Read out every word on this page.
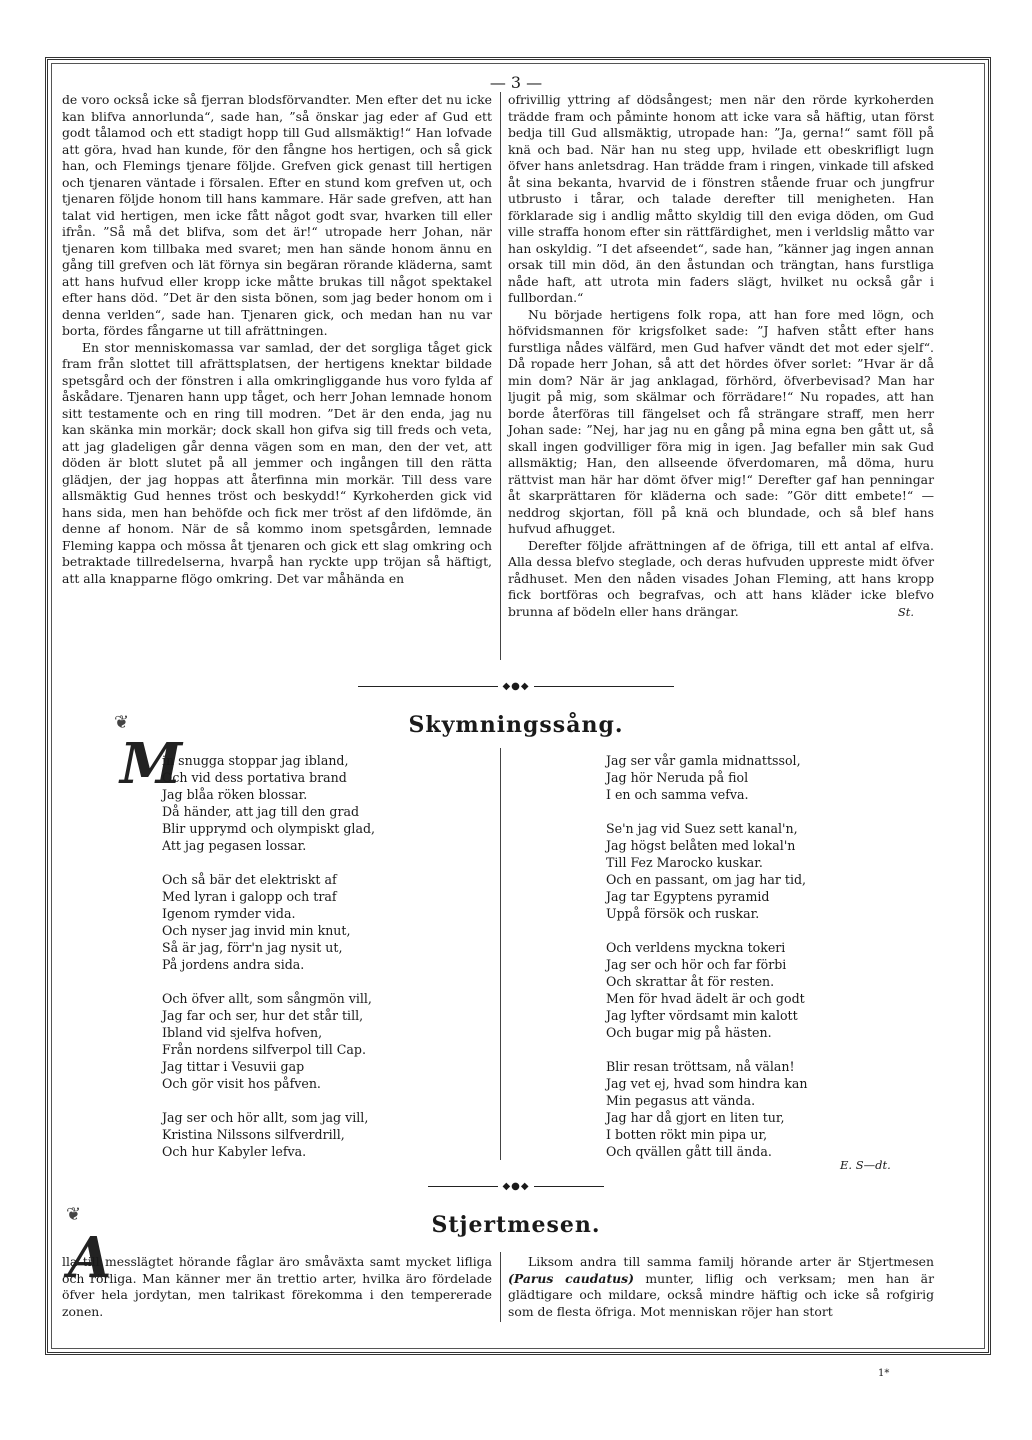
— 3 —

de voro också icke så fjerran blodsförvandter. Men efter det nu icke kan blifva annorlunda“, sade han, ”så önskar jag eder af Gud ett godt tålamod och ett stadigt hopp till Gud allsmäktig!“ Han lofvade att göra, hvad han kunde, för den fångne hos hertigen, och så gick han, och Flemings tjenare följde. Grefven gick genast till hertigen och tjenaren väntade i försalen. Efter en stund kom grefven ut, och tjenaren följde honom till hans kammare. Här sade grefven, att han talat vid hertigen, men icke fått något godt svar, hvarken till eller ifrån. ”Så må det blifva, som det är!“ utropade herr Johan, när tjenaren kom tillbaka med svaret; men han sände honom ännu en gång till grefven och lät förnya sin begäran rörande kläderna, samt att hans hufvud eller kropp icke måtte brukas till något spektakel efter hans död. ”Det är den sista bönen, som jag beder honom om i denna verlden“, sade han. Tjenaren gick, och medan han nu var borta, fördes fångarne ut till afrättningen.

En stor menniskomassa var samlad, der det sorgliga tåget gick fram från slottet till afrättsplatsen, der hertigens knektar bildade spetsgård och der fönstren i alla omkringliggande hus voro fylda af åskådare. Tjenaren hann upp tåget, och herr Johan lemnade honom sitt testamente och en ring till modren. ”Det är den enda, jag nu kan skänka min morkär; dock skall hon gifva sig till freds och veta, att jag gladeligen går denna vägen som en man, den der vet, att döden är blott slutet på all jemmer och ingången till den rätta glädjen, der jag hoppas att återfinna min morkär. Till dess vare allsmäktig Gud hennes tröst och beskydd!“ Kyrkoherden gick vid hans sida, men han behöfde och fick mer tröst af den lifdömde, än denne af honom. När de så kommo inom spetsgården, lemnade Fleming kappa och mössa åt tjenaren och gick ett slag omkring och betraktade tillredelserna, hvarpå han ryckte upp tröjan så häftigt, att alla knapparne flögo omkring. Det var måhända en

ofrivillig yttring af dödsångest; men när den rörde kyrkoherden trädde fram och påminte honom att icke vara så häftig, utan först bedja till Gud allsmäktig, utropade han: ”Ja, gerna!“ samt föll på knä och bad. När han nu steg upp, hvilade ett obeskrifligt lugn öfver hans anletsdrag. Han trädde fram i ringen, vinkade till afsked åt sina bekanta, hvarvid de i fönstren stående fruar och jungfrur utbrusto i tårar, och talade derefter till menigheten. Han förklarade sig i andlig måtto skyldig till den eviga döden, om Gud ville straffa honom efter sin rättfärdighet, men i verldslig måtto var han oskyldig. ”I det afseendet“, sade han, ”känner jag ingen annan orsak till min död, än den åstundan och trängtan, hans furstliga nåde haft, att utrota min faders slägt, hvilket nu också går i fullbordan.“

Nu började hertigens folk ropa, att han fore med lögn, och höfvidsmannen för krigsfolket sade: ”J hafven stått efter hans furstliga nådes välfärd, men Gud hafver vändt det mot eder sjelf“. Då ropade herr Johan, så att det hördes öfver sorlet: ”Hvar är då min dom? När är jag anklagad, förhörd, öfverbevisad? Man har ljugit på mig, som skälmar och förrädare!“ Nu ropades, att han borde återföras till fängelset och få strängare straff, men herr Johan sade: ”Nej, har jag nu en gång på mina egna ben gått ut, så skall ingen godvilliger föra mig in igen. Jag befaller min sak Gud allsmäktig; Han, den allseende öfverdomaren, må döma, huru rättvist man här har dömt öfver mig!“ Derefter gaf han penningar åt skarprättaren för kläderna och sade: ”Gör ditt embete!“ — neddrog skjortan, föll på knä och blundade, och så blef hans hufvud afhugget.

Derefter följde afrättningen af de öfriga, till ett antal af elfva. Alla dessa blefvo steglade, och deras hufvuden uppreste midt öfver rådhuset. Men den nåden visades Johan Fleming, att hans kropp fick bortföras och begrafvas, och att hans kläder icke blefvo brunna af bödeln eller hans drängar.	St.

◆●◆
Skymningssång.
❦
M
in snugga stoppar jag ibland,
Och vid dess portativa brand
Jag blåa röken blossar.
Då händer, att jag till den grad
Blir upprymd och olympiskt glad,
Att jag pegasen lossar.
Och så bär det elektriskt af
Med lyran i galopp och traf
Igenom rymder vida.
Och nyser jag invid min knut,
Så är jag, förr'n jag nysit ut,
På jordens andra sida.
Och öfver allt, som sångmön vill,
Jag far och ser, hur det står till,
Ibland vid sjelfva hofven,
Från nordens silfverpol till Cap.
Jag tittar i Vesuvii gap
Och gör visit hos påfven.
Jag ser och hör allt, som jag vill,
Kristina Nilssons silfverdrill,
Och hur Kabyler lefva.
Jag ser vår gamla midnattssol,
Jag hör Neruda på fiol
I en och samma vefva.
Se'n jag vid Suez sett kanal'n,
Jag högst belåten med lokal'n
Till Fez Marocko kuskar.
Och en passant, om jag har tid,
Jag tar Egyptens pyramid
Uppå försök och ruskar.
Och verldens myckna tokeri
Jag ser och hör och far förbi
Och skrattar åt för resten.
Men för hvad ädelt är och godt
Jag lyfter vördsamt min kalott
Och bugar mig på hästen.
Blir resan tröttsam, nå välan!
Jag vet ej, hvad som hindra kan
Min pegasus att vända.
Jag har då gjort en liten tur,
I botten rökt min pipa ur,
Och qvällen gått till ända.
E. S—dt.
◆●◆
Stjertmesen.
❦
A

lla till messlägtet hörande fåglar äro småväxta samt mycket lifliga och rörliga. Man känner mer än trettio arter, hvilka äro fördelade öfver hela jordytan, men talrikast förekomma i den tempererade zonen.

Liksom andra till samma familj hörande arter är Stjertmesen (Parus caudatus) munter, liflig och verksam; men han är glädtigare och mildare, också mindre häftig och icke så rofgirig som de flesta öfriga. Mot menniskan röjer han stort

1*
